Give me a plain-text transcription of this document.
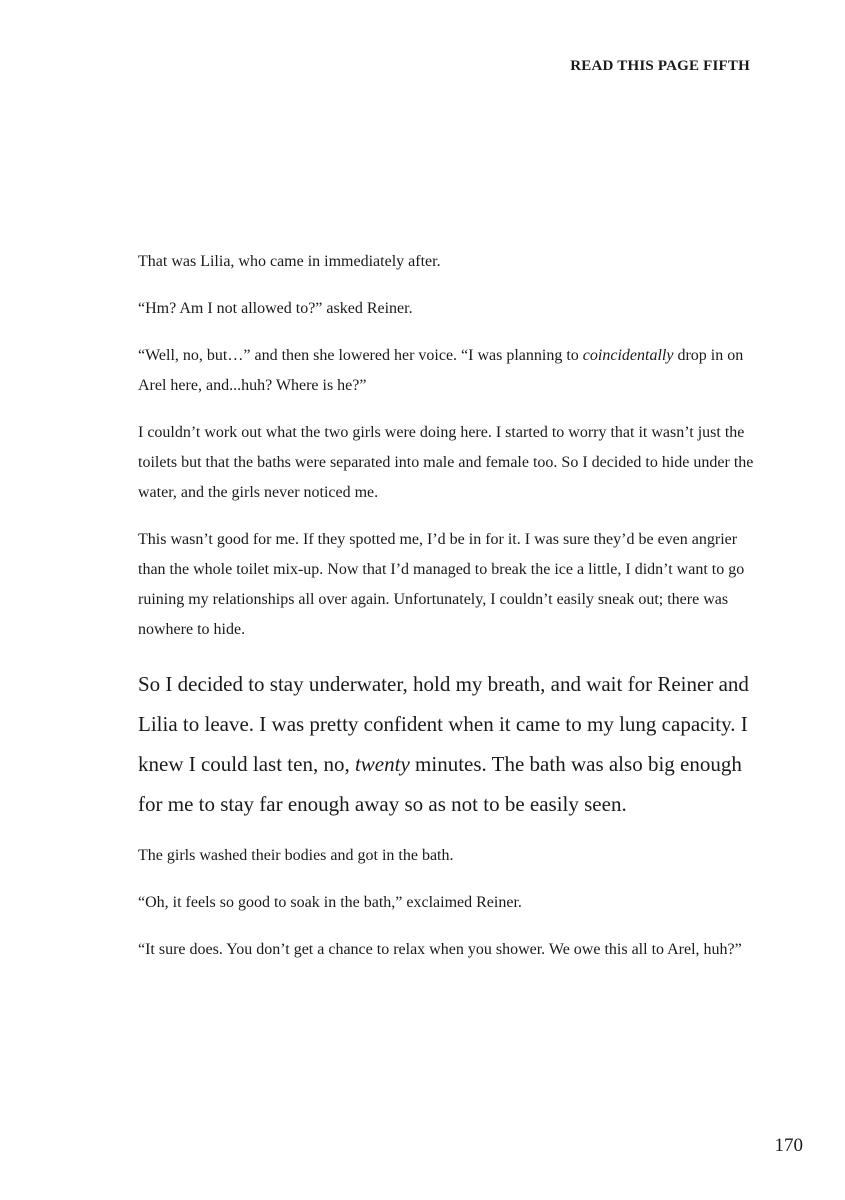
READ THIS PAGE FIFTH

That was Lilia, who came in immediately after.

“Hm? Am I not allowed to?” asked Reiner.

“Well, no, but…” and then she lowered her voice. “I was planning to coincidentally drop in on Arel here, and...huh? Where is he?”

I couldn’t work out what the two girls were doing here. I started to worry that it wasn’t just the toilets but that the baths were separated into male and female too. So I decided to hide under the water, and the girls never noticed me.

This wasn’t good for me. If they spotted me, I’d be in for it. I was sure they’d be even angrier than the whole toilet mix-up. Now that I’d managed to break the ice a little, I didn’t want to go ruining my relationships all over again. Unfortunately, I couldn’t easily sneak out; there was nowhere to hide.

So I decided to stay underwater, hold my breath, and wait for Reiner and Lilia to leave. I was pretty confident when it came to my lung capacity. I knew I could last ten, no, twenty minutes. The bath was also big enough for me to stay far enough away so as not to be easily seen.

The girls washed their bodies and got in the bath.

“Oh, it feels so good to soak in the bath,” exclaimed Reiner.

“It sure does. You don’t get a chance to relax when you shower. We owe this all to Arel, huh?”

170
